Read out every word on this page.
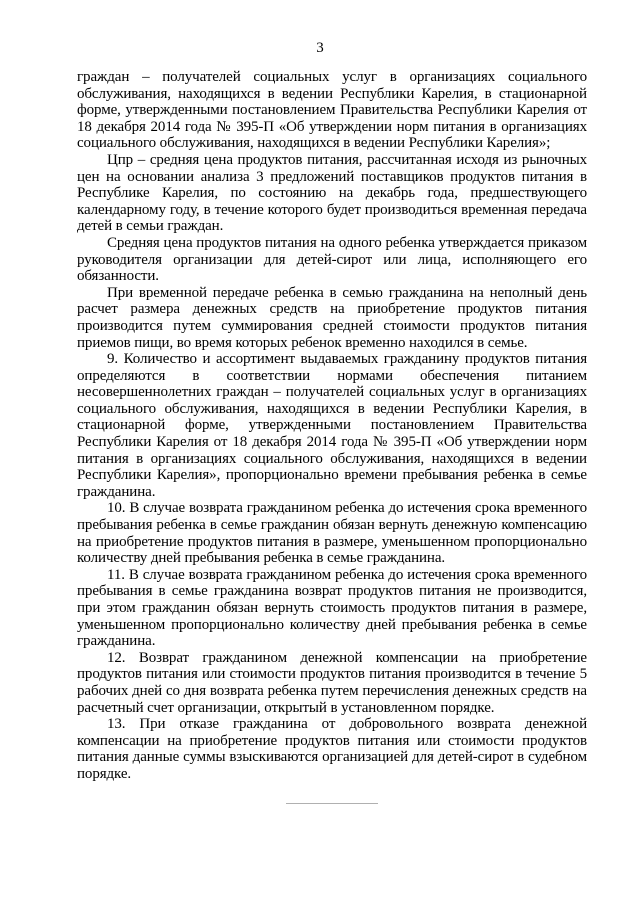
3

граждан – получателей социальных услуг в организациях социального обслуживания, находящихся в ведении Республики Карелия, в стационарной форме, утвержденными постановлением Правительства Республики Карелия от 18 декабря 2014 года № 395-П «Об утверждении норм питания в организациях социального обслуживания, находящихся в ведении Республики Карелия»;

Цпр – средняя цена продуктов питания, рассчитанная исходя из рыночных цен на основании анализа 3 предложений поставщиков продуктов питания в Республике Карелия, по состоянию на декабрь года, предшествующего календарному году, в течение которого будет производиться временная передача детей в семьи граждан.

Средняя цена продуктов питания на одного ребенка утверждается приказом руководителя организации для детей-сирот или лица, исполняющего его обязанности.

При временной передаче ребенка в семью гражданина на неполный день расчет размера денежных средств на приобретение продуктов питания производится путем суммирования средней стоимости продуктов питания приемов пищи, во время которых ребенок временно находился в семье.

9. Количество и ассортимент выдаваемых гражданину продуктов питания определяются в соответствии нормами обеспечения питанием несовершеннолетних граждан – получателей социальных услуг в организациях социального обслуживания, находящихся в ведении Республики Карелия, в стационарной форме, утвержденными постановлением Правительства Республики Карелия от 18 декабря 2014 года № 395-П «Об утверждении норм питания в организациях социального обслуживания, находящихся в ведении Республики Карелия», пропорционально времени пребывания ребенка в семье гражданина.

10. В случае возврата гражданином ребенка до истечения срока временного пребывания ребенка в семье гражданин обязан вернуть денежную компенсацию на приобретение продуктов питания в размере, уменьшенном пропорционально количеству дней пребывания ребенка в семье гражданина.

11. В случае возврата гражданином ребенка до истечения срока временного пребывания в семье гражданина возврат продуктов питания не производится, при этом гражданин обязан вернуть стоимость продуктов питания в размере, уменьшенном пропорционально количеству дней пребывания ребенка в семье гражданина.

12. Возврат гражданином денежной компенсации на приобретение продуктов питания или стоимости продуктов питания производится в течение 5 рабочих дней со дня возврата ребенка путем перечисления денежных средств на расчетный счет организации, открытый в установленном порядке.

13. При отказе гражданина от добровольного возврата денежной компенсации на приобретение продуктов питания или стоимости продуктов питания данные суммы взыскиваются организацией для детей-сирот в судебном порядке.
